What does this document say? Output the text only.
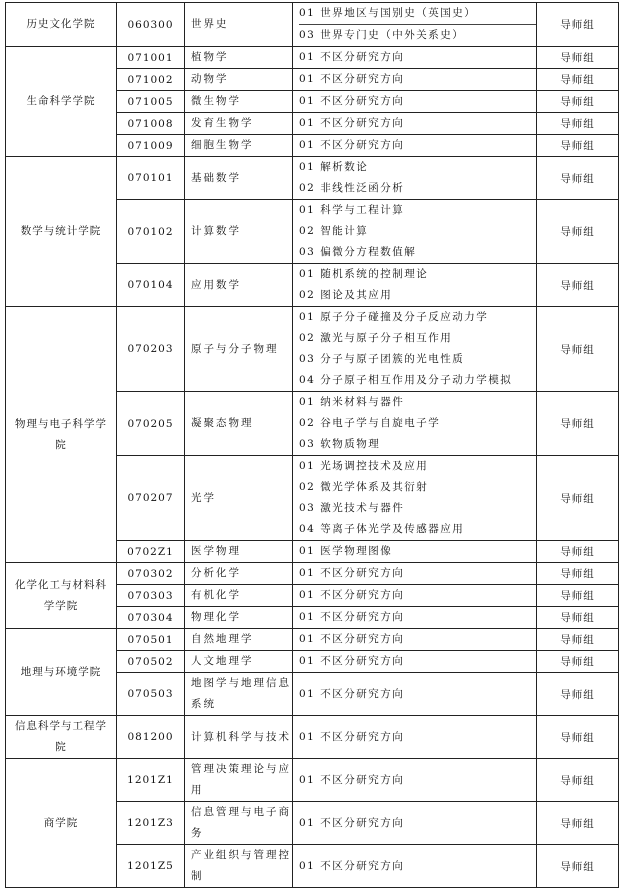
历史文化学院	060300	世界史	01 世界地区与国别史（英国史）
03 世界专门史（中外关系史）	导师组
生命科学学院	071001	植物学	01 不区分研究方向	导师组
	071002	动物学	01 不区分研究方向	导师组
	071005	微生物学	01 不区分研究方向	导师组
	071008	发育生物学	01 不区分研究方向	导师组
	071009	细胞生物学	01 不区分研究方向	导师组
数学与统计学院	070101	基础数学	01 解析数论
02 非线性泛函分析	导师组
	070102	计算数学	01 科学与工程计算
02 智能计算
03 偏微分方程数值解	导师组
	070104	应用数学	01 随机系统的控制理论
02 图论及其应用	导师组
物理与电子科学学院	070203	原子与分子物理	01 原子分子碰撞及分子反应动力学
02 激光与原子分子相互作用
03 分子与原子团簇的光电性质
04 分子原子相互作用及分子动力学模拟	导师组
	070205	凝聚态物理	01 纳米材料与器件
02 谷电子学与自旋电子学
03 软物质物理	导师组
	070207	光学	01 光场调控技术及应用
02 微光学体系及其衍射
03 激光技术与器件
04 等离子体光学及传感器应用	导师组
	0702Z1	医学物理	01 医学物理图像	导师组
化学化工与材料科学学院	070302	分析化学	01 不区分研究方向	导师组
	070303	有机化学	01 不区分研究方向	导师组
	070304	物理化学	01 不区分研究方向	导师组
地理与环境学院	070501	自然地理学	01 不区分研究方向	导师组
	070502	人文地理学	01 不区分研究方向	导师组
	070503	地图学与地理信息系统	01 不区分研究方向	导师组
信息科学与工程学院	081200	计算机科学与技术	01 不区分研究方向	导师组
商学院	1201Z1	管理决策理论与应用	01 不区分研究方向	导师组
	1201Z3	信息管理与电子商务	01 不区分研究方向	导师组
	1201Z5	产业组织与管理控制	01 不区分研究方向	导师组
